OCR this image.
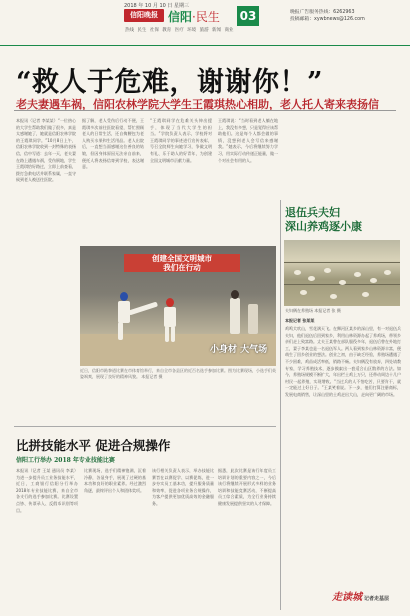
2018 年 10 月 10 日 星期三
信阳晚报 信阳·民生 03
热线 民生 社保 教育 医疗 环境 旅游 新闻 商业
晚报广告服务热线：6262963
投稿邮箱：xywbnews@126.com
“救人于危难，谢谢你！”
老夫妻遇车祸，信阳农林学院大学生王霞琪热心相助，老人托人寄来表扬信
本报讯（记者 李某某）“一位热心的大学生帮助我们做了很多，真是太感谢她了，她就是信阳农林学院的王霞琪同学。”10月8日上午，信阳农林学院收到一封特殊的表扬信，信中写道：去年一天，老夫妻在路上遭遇车祸，受伤倒地，学生王霞琪恰好路过，立即上前查看，拨打急救电话并联系家属，一直守候到老人被送往医院。
据了解，老人受伤后行动不便，王霞琪多次前往医院看望，帮忙照顾老人的日常生活，还自掏腰包为老人购买水果和生活用品。老人出院后，一直想当面感谢这位善良的姑娘，但因身体原因无法亲自前来，便托人将表扬信寄到学校，表达谢意。
“王霞琪同学在危难关头伸出援手，体现了当代大学生的担当。”学院负责人表示，学校将对王霞琪同学的事迹进行宣传表彰，号召全院师生向她学习，争做文明有礼、乐于助人的好青年，为创建全国文明城市贡献力量。
王霞琪说：“当时看到老人躺在地上，我没有多想，只是觉得应该帮助他们。这是每个人都会做的事情，没想到老人会写信来感谢我。”她表示，今后将继续努力学习，用实际行动传递正能量，做一个对社会有用的人。
创建全国文明城市
我们在行动
小身材 大气场
近日，信阳市跆拳道比赛在市体育馆举行，来自全市各县区的近百名选手参加比赛。图为比赛现场，小选手们英姿飒爽，展现了良好的精神风貌。 本报记者 摄
比拼技能水平 促进合规操作
信阳工行举办 2018 年专业技能比赛
本报讯（记者 王某 通讯员 李某）为进一步提升员工业务技能水平，近日，工商银行信阳分行举办2018年专业技能比赛，来自全市各支行的选手参加比赛。比赛设置点钞、传票录入、反假币识别等项目。
比赛现场，选手们精神饱满，沉着冷静，各显身手，展现了过硬的基本功和良好的职业素养。经过激烈角逐，最终评出个人和团体奖项。
该行相关负责人表示，举办技能比赛旨在以赛促学、以赛促练，进一步夯实员工基本功，提升服务质量和效率，促进各项业务合规操作，为客户提供更加优质高效的金融服务。
据悉，此次比赛是该行年度员工培训计划的重要内容之一，今后该行将继续开展形式多样的业务培训和技能竞赛活动，不断提高员工综合素质，为全行业务持续健康发展提供坚实的人才保障。
退伍兵夫妇
深山养鸡逐小康
夫妇俩在养殖场 本报记者 张 摄
本报记者 张某某
鸡鸣犬吠山，雪花满天飞。在狮河区某乡的深山里，有一对退伍兵夫妇，他们退伍后回到家乡，利用山林资源办起了养鸡场，带领乡亲们走上致富路。丈夫王某曾在部队服役多年，退伍后曾在外地打工，妻子李某也是一名退伍军人。两人看到家乡山林资源丰富，便萌生了回乡创业的想法。创业之初，由于缺乏经验，养殖场遭遇了不少困难，鸡苗成活率低，销路不畅。夫妇俩没有放弃，四处请教专家，学习养殖技术，逐步摸索出一套适合山区散养的方法。如今，养殖场规模不断扩大，年出栏土鸡上万只，还带动周边十几户村民一起养殖，实现增收。“当过兵的人不怕吃苦，只要肯干，就一定能过上好日子。”王某笑着说。下一步，他们打算注册商标，发展电商销售，让深山里的土鸡走出大山，走向更广阔的市场。
走读城 记者走基层
